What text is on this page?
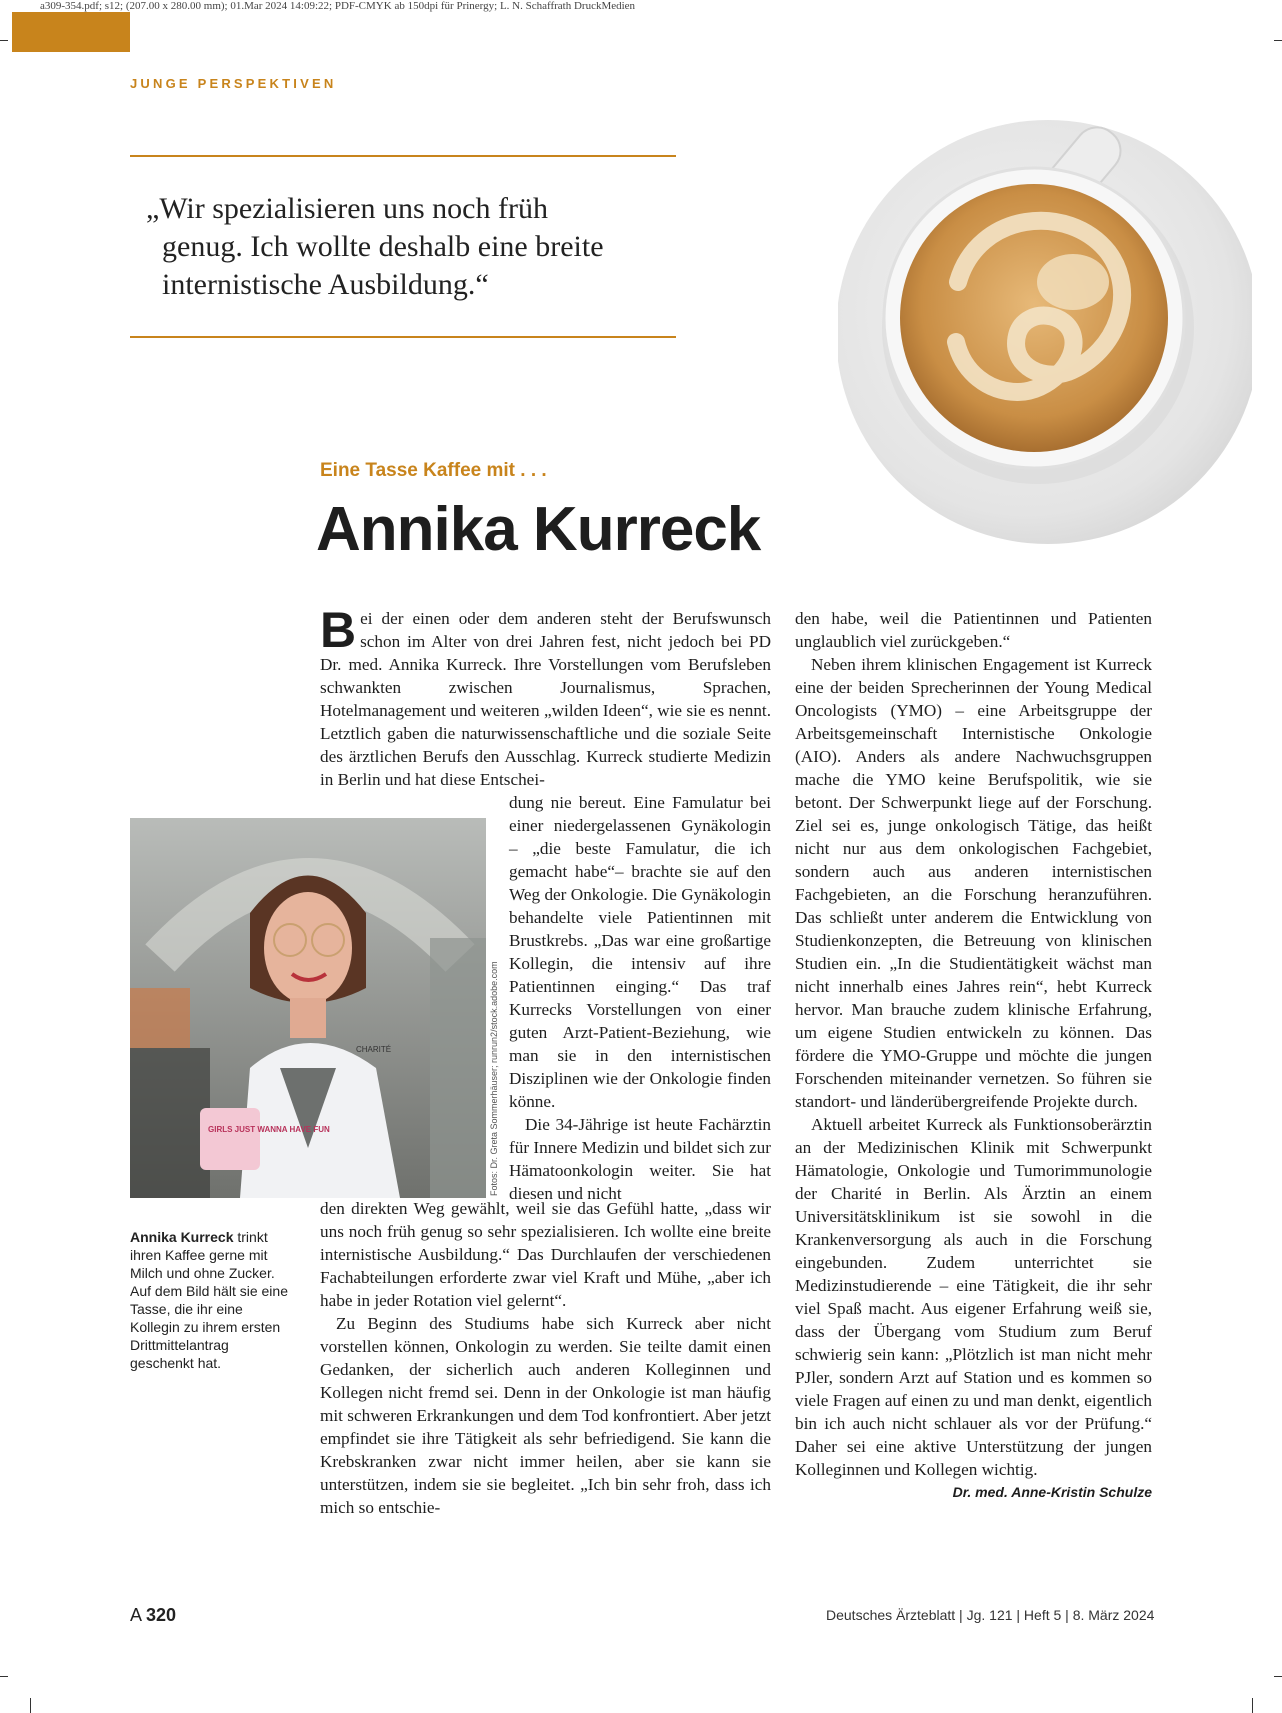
a309-354.pdf; s12; (207.00 x 280.00 mm); 01.Mar 2024 14:09:22; PDF-CMYK ab 150dpi für Prinergy; L. N. Schaffrath DruckMedien
JUNGE PERSPEKTIVEN
„Wir spezialisieren uns noch früh
genug. Ich wollte deshalb eine breite
internistische Ausbildung.“
Eine Tasse Kaffee mit . . .
Annika Kurreck
B ei der einen oder dem anderen steht der Berufswunsch schon im Alter von drei Jahren fest, nicht jedoch bei PD Dr. med. Annika Kurreck. Ihre Vorstellungen vom Berufsleben schwankten zwischen Journalismus, Sprachen, Hotelmanagement und weiteren „wilden Ideen“, wie sie es nennt. Letztlich gaben die naturwissenschaftliche und die soziale Seite des ärztlichen Berufs den Ausschlag. Kurreck studierte Medizin in Berlin und hat diese Entschei-

dung nie bereut. Eine Famulatur bei einer niedergelassenen Gynäkologin – „die beste Famulatur, die ich gemacht habe“– brachte sie auf den Weg der Onkologie. Die Gynäkologin behandelte viele Patientinnen mit Brustkrebs. „Das war eine großartige Kollegin, die intensiv auf ihre Patientinnen einging.“ Das traf Kurrecks Vorstellungen von einer guten Arzt-Patient-Beziehung, wie man sie in den internistischen Disziplinen wie der Onkologie finden könne.

Die 34-Jährige ist heute Fachärztin für Innere Medizin und bildet sich zur Hämatoonkologin weiter. Sie hat diesen und nicht

den direkten Weg gewählt, weil sie das Gefühl hatte, „dass wir uns noch früh genug so sehr spezialisieren. Ich wollte eine breite internistische Ausbildung.“ Das Durchlaufen der verschiedenen Fachabteilungen erforderte zwar viel Kraft und Mühe, „aber ich habe in jeder Rotation viel gelernt“.

Zu Beginn des Studiums habe sich Kurreck aber nicht vorstellen können, Onkologin zu werden. Sie teilte damit einen Gedanken, der sicherlich auch anderen Kolleginnen und Kollegen nicht fremd sei. Denn in der Onkologie ist man häufig mit schweren Erkrankungen und dem Tod konfrontiert. Aber jetzt empfindet sie ihre Tätigkeit als sehr befriedigend. Sie kann die Krebskranken zwar nicht immer heilen, aber sie kann sie unterstützen, indem sie sie begleitet. „Ich bin sehr froh, dass ich mich so entschie-

den habe, weil die Patientinnen und Patienten unglaublich viel zurückgeben.“

Neben ihrem klinischen Engagement ist Kurreck eine der beiden Sprecherinnen der Young Medical Oncologists (YMO) – eine Arbeitsgruppe der Arbeitsgemeinschaft Internistische Onkologie (AIO). Anders als andere Nachwuchsgruppen mache die YMO keine Berufspolitik, wie sie betont. Der Schwerpunkt liege auf der Forschung. Ziel sei es, junge onkologisch Tätige, das heißt nicht nur aus dem onkologischen Fachgebiet, sondern auch aus anderen internistischen Fachgebieten, an die Forschung heranzuführen. Das schließt unter anderem die Entwicklung von Studienkonzepten, die Betreuung von klinischen Studien ein. „In die Studientätigkeit wächst man nicht innerhalb eines Jahres rein“, hebt Kurreck hervor. Man brauche zudem klinische Erfahrung, um eigene Studien entwickeln zu können. Das fördere die YMO-Gruppe und möchte die jungen Forschenden miteinander vernetzen. So führen sie standort- und länderübergreifende Projekte durch.

Aktuell arbeitet Kurreck als Funktionsoberärztin an der Medizinischen Klinik mit Schwerpunkt Hämatologie, Onkologie und Tumorimmunologie der Charité in Berlin. Als Ärztin an einem Universitätsklinikum ist sie sowohl in die Krankenversorgung als auch in die Forschung eingebunden. Zudem unterrichtet sie Medizinstudierende – eine Tätigkeit, die ihr sehr viel Spaß macht. Aus eigener Erfahrung weiß sie, dass der Übergang vom Studium zum Beruf schwierig sein kann: „Plötzlich ist man nicht mehr PJler, sondern Arzt auf Station und es kommen so viele Fragen auf einen zu und man denkt, eigentlich bin ich auch nicht schlauer als vor der Prüfung.“ Daher sei eine aktive Unterstützung der jungen Kolleginnen und Kollegen wichtig.
Dr. med. Anne-Kristin Schulze

GIRLS JUST WANNA HAVE FUN
CHARITÉ	Fotos: Dr. Greta Sommerhäuser; runrun2/stock.adobe.com
Annika Kurreck trinkt ihren Kaffee gerne mit Milch und ohne Zucker. Auf dem Bild hält sie eine Tasse, die ihr eine Kollegin zu ihrem ersten Drittmittelantrag geschenkt hat.
A 320	Deutsches Ärzteblatt | Jg. 121 | Heft 5 | 8. März 2024
